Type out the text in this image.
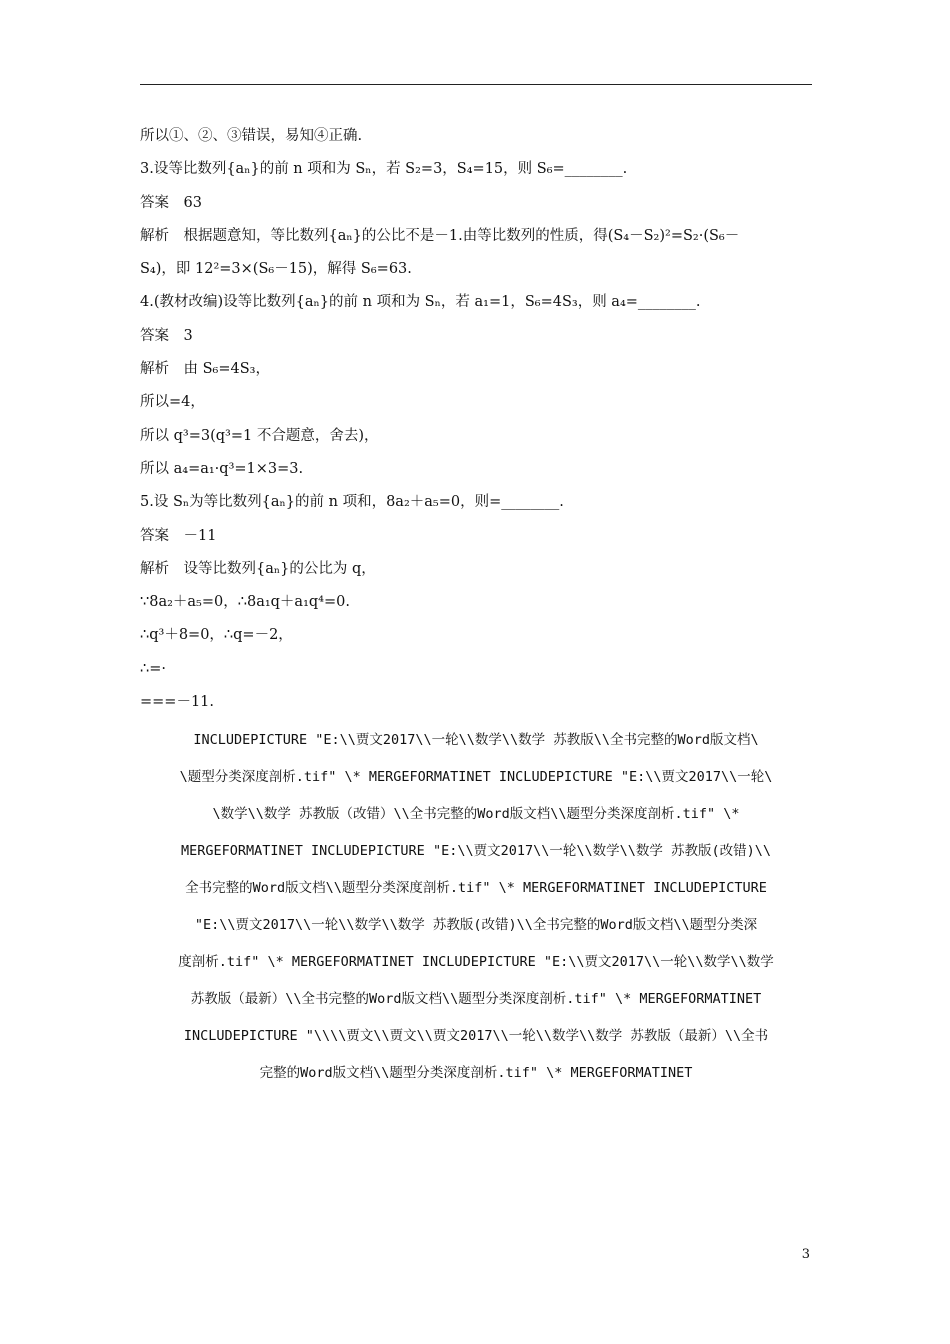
所以①、②、③错误，易知④正确.
3.设等比数列{aₙ}的前 n 项和为 Sₙ，若 S₂=3，S₄=15，则 S₆=________.
答案　63
解析　根据题意知，等比数列{aₙ}的公比不是－1.由等比数列的性质，得(S₄－S₂)²=S₂·(S₆－
S₄)，即 12²=3×(S₆－15)，解得 S₆=63.
4.(教材改编)设等比数列{aₙ}的前 n 项和为 Sₙ，若 a₁=1，S₆=4S₃，则 a₄=________.
答案　3
解析　由 S₆=4S₃，
所以=4，
所以 q³=3(q³=1 不合题意，舍去)，
所以 a₄=a₁·q³=1×3=3.
5.设 Sₙ为等比数列{aₙ}的前 n 项和，8a₂＋a₅=0，则=________.
答案　－11
解析　设等比数列{aₙ}的公比为 q，
∵8a₂＋a₅=0，∴8a₁q＋a₁q⁴=0.
∴q³＋8=0，∴q=－2，
∴=·
===－11.
INCLUDEPICTURE "E:\\贾文2017\\一轮\\数学\\数学 苏教版\\全书完整的Word版文档\
\题型分类深度剖析.tif" \* MERGEFORMATINET INCLUDEPICTURE "E:\\贾文2017\\一轮\
\数学\\数学 苏教版（改错）\\全书完整的Word版文档\\题型分类深度剖析.tif" \*
MERGEFORMATINET INCLUDEPICTURE "E:\\贾文2017\\一轮\\数学\\数学 苏教版(改错)\\
全书完整的Word版文档\\题型分类深度剖析.tif" \* MERGEFORMATINET INCLUDEPICTURE
"E:\\贾文2017\\一轮\\数学\\数学 苏教版(改错)\\全书完整的Word版文档\\题型分类深
度剖析.tif" \* MERGEFORMATINET INCLUDEPICTURE "E:\\贾文2017\\一轮\\数学\\数学
苏教版（最新）\\全书完整的Word版文档\\题型分类深度剖析.tif" \* MERGEFORMATINET
INCLUDEPICTURE "\\\\贾文\\贾文\\贾文2017\\一轮\\数学\\数学 苏教版（最新）\\全书
完整的Word版文档\\题型分类深度剖析.tif" \* MERGEFORMATINET
3
